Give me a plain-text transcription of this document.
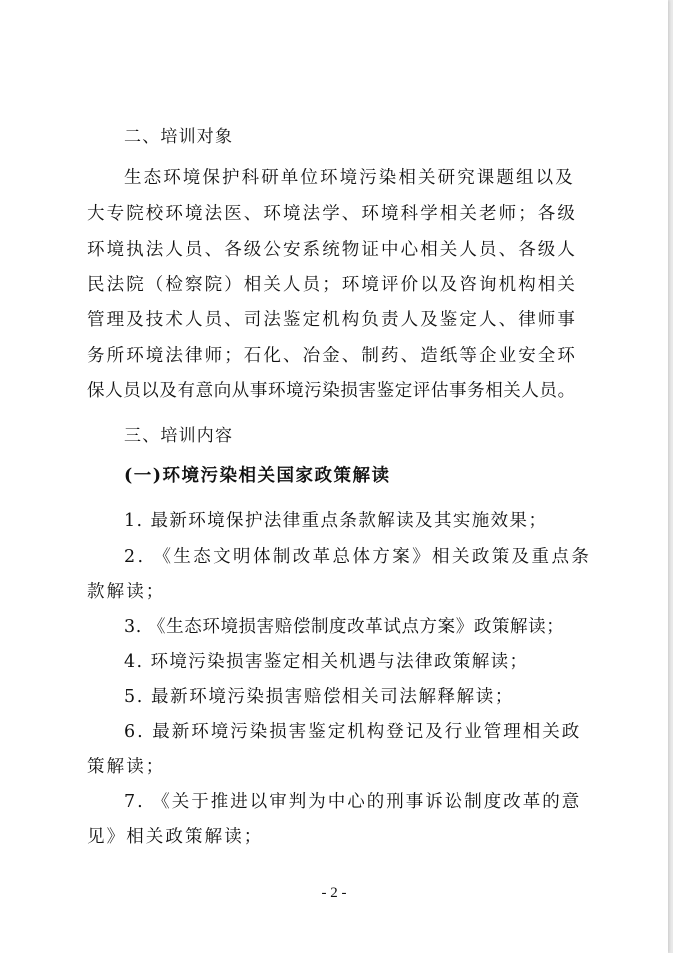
二、培训对象
生态环境保护科研单位环境污染相关研究课题组以及
大专院校环境法医、环境法学、环境科学相关老师；各级
环境执法人员、各级公安系统物证中心相关人员、各级人
民法院（检察院）相关人员；环境评价以及咨询机构相关
管理及技术人员、司法鉴定机构负责人及鉴定人、律师事
务所环境法律师；石化、冶金、制药、造纸等企业安全环
保人员以及有意向从事环境污染损害鉴定评估事务相关人员。
三、培训内容
(一)环境污染相关国家政策解读
1. 最新环境保护法律重点条款解读及其实施效果；
2. 《生态文明体制改革总体方案》相关政策及重点条
款解读；
3. 《生态环境损害赔偿制度改革试点方案》政策解读；
4. 环境污染损害鉴定相关机遇与法律政策解读；
5. 最新环境污染损害赔偿相关司法解释解读；
6. 最新环境污染损害鉴定机构登记及行业管理相关政
策解读；
7. 《关于推进以审判为中心的刑事诉讼制度改革的意
见》相关政策解读；
- 2 -
